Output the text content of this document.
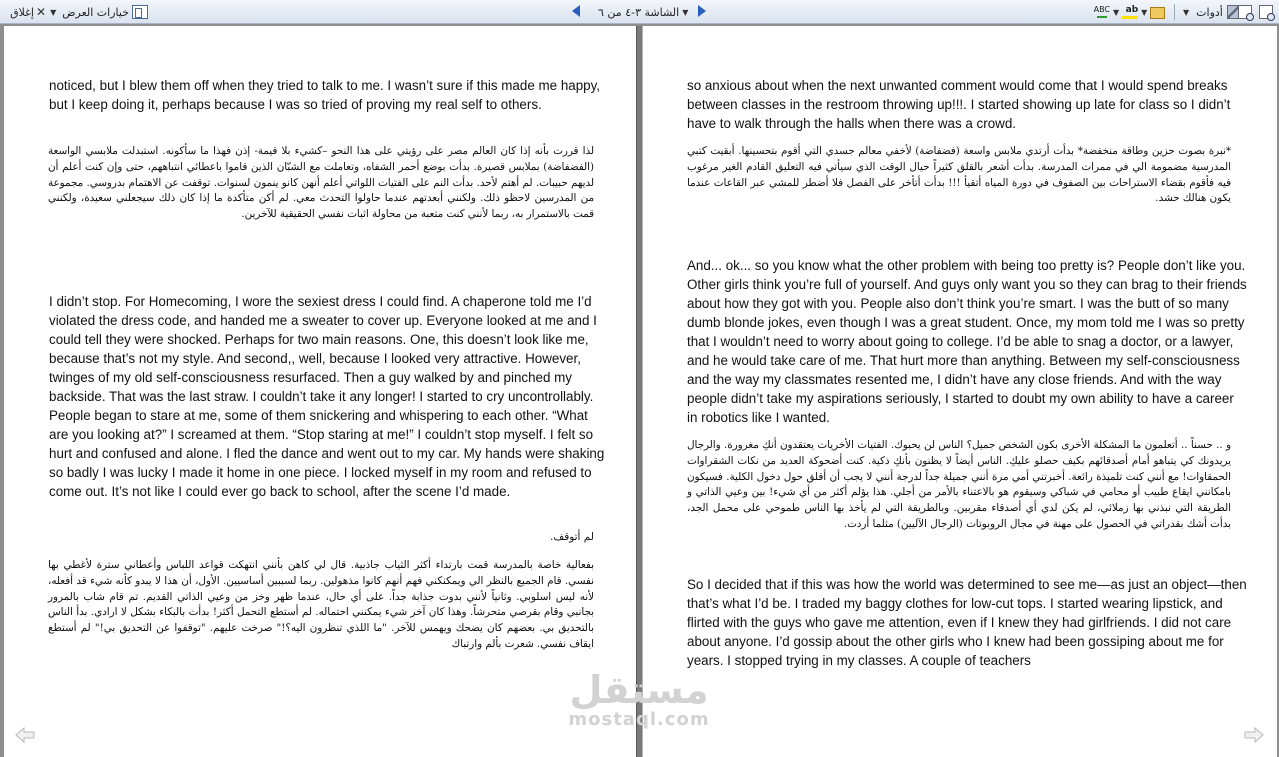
✕
إغلاق	خيارات العرض
▼	▼
الشاشة ٣-٤ من ٦	▼
ab
▼
ABC	أدوات
▼

noticed, but I blew them off when they tried to talk to me. I wasn’t sure if this made me happy, but I keep doing it, perhaps because I was so tried of proving my real self to others.

لذا قررت بأنه إذا كان العالم مصر على رؤيتي على هذا النحو –كشيء بلا قيمة- إذن فهذا ما سأكونه. استبدلت ملابسي الواسعة (الفضفاضة) بملابس قصيرة. بدأت بوضع أحمر الشفاه، وتعاملت مع الشبّان الذين قاموا باعطائي انتباههم، حتى وإن كنت أعلم أن لديهم حبيبات. لم أهتم لأحد. بدأت النم على الفتيات اللواتي أعلم أنهن كانو ينمون لسنوات. توقفت عن الاهتمام بدروسي. مجموعة من المدرسين لاحظو ذلك. ولكنني أبعدتهم عندما حاولوا التحدث معي. لم أكن متأكدة ما إذا كان ذلك سيجعلني سعيدة، ولكنني قمت بالاستمرار به، ربما لأنني كنت متعبة من محاولة اثبات نفسي الحقيقية للآخرين.

I didn’t stop. For Homecoming, I wore the sexiest dress I could find. A chaperone told me I’d violated the dress code, and handed me a sweater to cover up. Everyone looked at me and I could tell they were shocked. Perhaps for two main reasons. One, this doesn’t look like me, because that’s not my style. And second,, well, because I looked very attractive. However, twinges of my old self-consciousness resurfaced. Then a guy walked by and pinched my backside. That was the last straw. I couldn’t take it any longer! I started to cry uncontrollably. People began to stare at me, some of them snickering and whispering to each other. “What are you looking at?” I screamed at them. “Stop staring at me!” I couldn’t stop myself. I felt so hurt and confused and alone. I fled the dance and went out to my car. My hands were shaking so badly I was lucky I made it home in one piece. I locked myself in my room and refused to come out. It’s not like I could ever go back to school, after the scene I’d made.

لم أتوقف.

بفعالية خاصة بالمدرسة قمت بارتداء أكثر الثياب جاذبية. قال لي كاهن بأنني انتهكت قواعد اللباس وأعطاني سترة لأغطي بها نفسي. قام الجميع بالنظر الي ويمكنكني فهم أنهم كانوا مذهولين. ربما لسببين أساسيين. الأول، أن هذا لا يبدو كأنه شيء قد أفعله، لأنه ليس اسلوبي. وثانياً لأنني بدوت جذابة جداً. على أي حال، عندما ظهر وخز من وعيي الذاتي القديم. تم قام شاب بالمرور بجانبي وقام بقرصي متحرشاً. وهذا كان آخر شيء يمكنني احتماله. لم أستطع التحمل أكثر! بدأت بالبكاء بشكل لا ارادي. بدأ الناس بالتحديق بي. بعضهم كان يضحك ويهمس للآخر. "ما اللذي تنظرون اليه؟!" صرخت عليهم. "توقفوا عن التحديق بي!" لم أستطع ايقاف نفسي. شعرت بألم وارتباك

so anxious about when the next unwanted comment would come that I would spend breaks between classes in the restroom throwing up!!!. I started showing up late for class so I didn’t have to walk through the halls when there was a crowd.

*نبرة بصوت حزين وطاقة منخفضة* بدأت أرتدي ملابس واسعة (فضفاضة) لأخفي معالم جسدي التي أقوم بتحسينها. أبقيت كتبي المدرسية مضمومة الي في ممرات المدرسة. بدأت أشعر بالقلق كثيراً حيال الوقت الذي سيأتي فيه التعليق القادم الغير مرغوب فيه فأقوم بقضاء الاستراحات بين الصفوف في دورة المياه أتقيأ !!! بدأت أتأخر على الفصل فلا أضطر للمشي عبر القاعات عندما يكون هنالك حشد.

And... ok... so you know what the other problem with being too pretty is? People don’t like you. Other girls think you’re full of yourself. And guys only want you so they can brag to their friends about how they got with you. People also don’t think you’re smart. I was the butt of so many dumb blonde jokes, even though I was a great student. Once, my mom told me I was so pretty that I wouldn’t need to worry about going to college. I’d be able to snag a doctor, or a lawyer, and he would take care of me. That hurt more than anything. Between my self-consciousness and the way my classmates resented me, I didn’t have any close friends. And with the way people didn’t take my aspirations seriously, I started to doubt my own ability to have a career in robotics like I wanted.

و .. حسناً .. أتعلمون ما المشكلة الأخرى بكون الشخص جميل؟ الناس لن يحبوك. الفتيات الأخريات يعتقدون أنكِ مغرورة. والرجال يريدونك كي يتباهو أمام أصدقائهم بكيف حصلو عليكِ. الناس أيضاً لا يظنون بأنكِ ذكية. كنت أضحوكة العديد من نكات الشقراوات الحمقاوات! مع أنني كنت تلميذة رائعة. أخبرتني أمي مرة أنني جميلة جداً لدرجة أنني لا يجب أن أقلق حول دخول الكلية. فسيكون بامكانني ايقاع طبيب أو محامي في شباكي وسيقوم هو بالاعتناء بالأمر من أجلي. هذا يؤلم أكثر من أي شيء! بين وعيي الذاتي و الطريقة التي نبذني بها زملائي، لم يكن لدي أي أصدقاء مقربين. وبالطريقة التي لم يأخذ بها الناس طموحي على محمل الجد، بدأت أشك بقدراتي في الحصول على مهنة في مجال الروبوتات (الرجال الآليين) مثلما أردت.

So I decided that if this was how the world was determined to see me—as just an object—then that’s what I’d be. I traded my baggy clothes for low-cut tops. I started wearing lipstick, and flirted with the guys who gave me attention, even if I knew they had girlfriends. I did not care about anyone. I’d gossip about the other girls who I knew had been gossiping about me for years. I stopped trying in my classes. A couple of teachers

مستقل
mostaql.com
